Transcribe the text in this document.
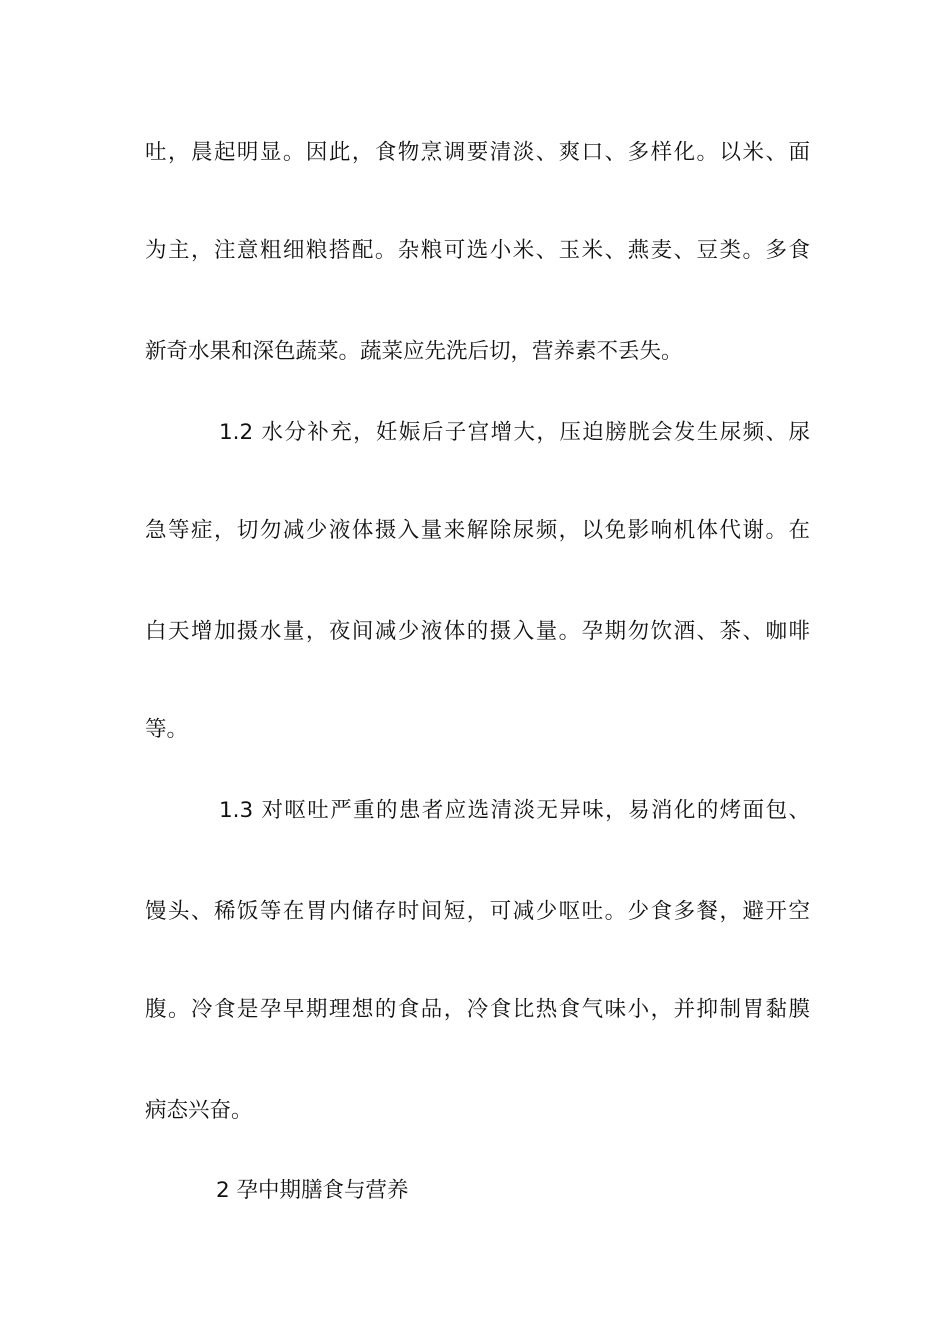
吐，晨起明显。因此，食物烹调要清淡、爽口、多样化。以米、面
为主，注意粗细粮搭配。杂粮可选小米、玉米、燕麦、豆类。多食
新奇水果和深色蔬菜。蔬菜应先洗后切，营养素不丢失。
1.2 水分补充，妊娠后子宫增大，压迫膀胱会发生尿频、尿
急等症，切勿减少液体摄入量来解除尿频，以免影响机体代谢。在
白天增加摄水量，夜间减少液体的摄入量。孕期勿饮酒、茶、咖啡
等。
1.3 对呕吐严重的患者应选清淡无异味，易消化的烤面包、
馒头、稀饭等在胃内储存时间短，可减少呕吐。少食多餐，避开空
腹。冷食是孕早期理想的食品，冷食比热食气味小，并抑制胃黏膜
病态兴奋。
2 孕中期膳食与营养
